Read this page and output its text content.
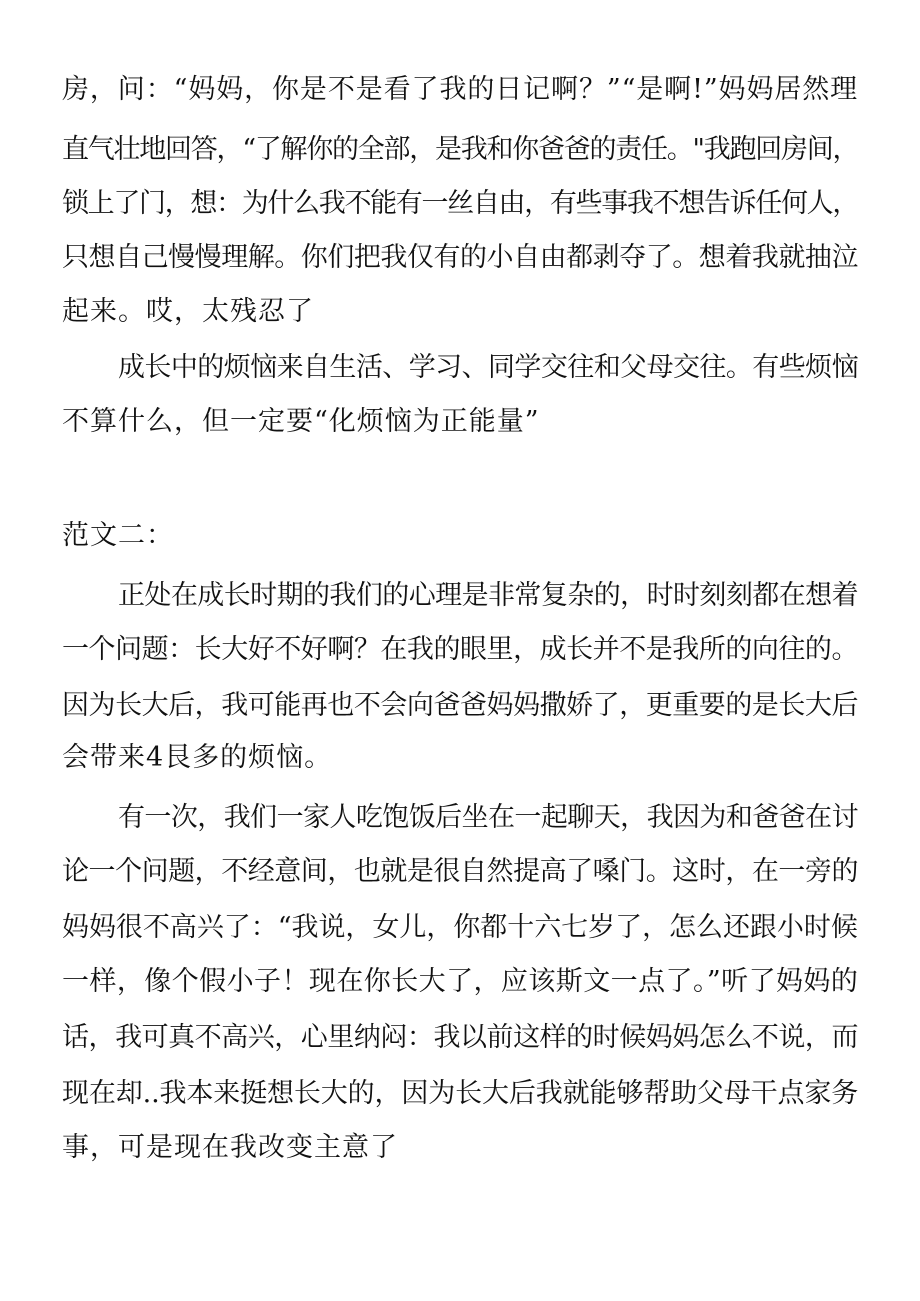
房，问：“妈妈，你是不是看了我的日记啊？”“是啊!”妈妈居然理

直气壮地回答，“了解你的全部，是我和你爸爸的责任。"我跑回房间，

锁上了门，想：为什么我不能有一丝自由，有些事我不想告诉任何人，

只想自己慢慢理解。你们把我仅有的小自由都剥夺了。想着我就抽泣

起来。哎，太残忍了

成长中的烦恼来自生活、学习、同学交往和父母交往。有些烦恼

不算什么，但一定要“化烦恼为正能量”

范文二：

正处在成长时期的我们的心理是非常复杂的，时时刻刻都在想着

一个问题：长大好不好啊？在我的眼里，成长并不是我所的向往的。

因为长大后，我可能再也不会向爸爸妈妈撒娇了，更重要的是长大后

会带来4艮多的烦恼。

有一次，我们一家人吃饱饭后坐在一起聊天，我因为和爸爸在讨

论一个问题，不经意间，也就是很自然提高了嗓门。这时，在一旁的

妈妈很不高兴了：“我说，女儿，你都十六七岁了，怎么还跟小时候

一样，像个假小子！现在你长大了，应该斯文一点了。”听了妈妈的

话，我可真不高兴，心里纳闷：我以前这样的时候妈妈怎么不说，而

现在却..我本来挺想长大的，因为长大后我就能够帮助父母干点家务

事，可是现在我改变主意了
